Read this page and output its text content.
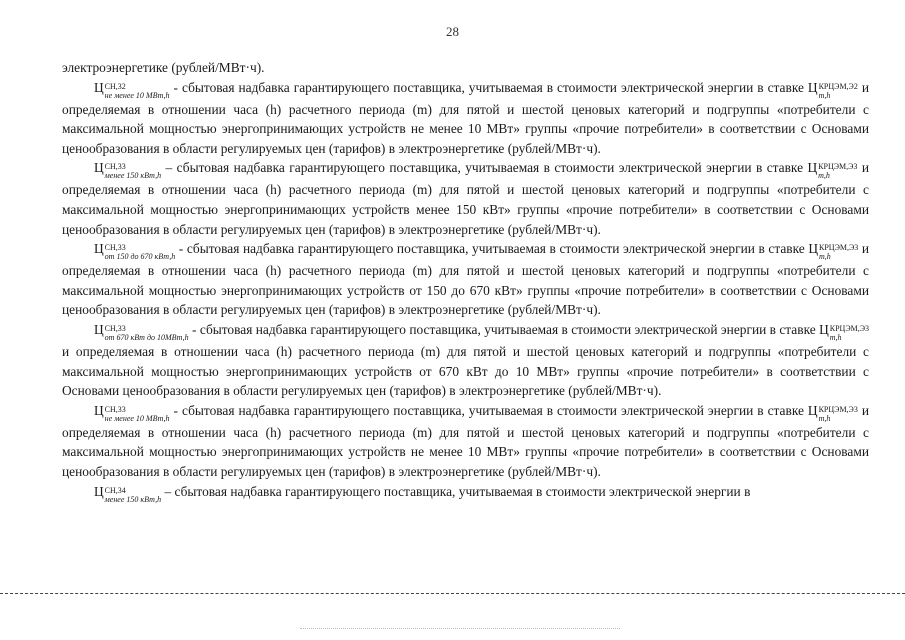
28

электроэнергетике (рублей/МВт·ч).

Ц СН,32
не менее 10 МВт,h
- сбытовая надбавка гарантирующего поставщика, учитываемая в стоимости электрической энергии в ставке Ц КРЦЭМ,Э2
m,h
и определяемая в отношении часа (h) расчетного периода (m) для пятой и шестой ценовых категорий и подгруппы «потребители с максимальной мощностью энергопринимающих устройств не менее 10 МВт» группы «прочие потребители» в соответствии с Основами ценообразования в области регулируемых цен (тарифов) в электроэнергетике (рублей/МВт·ч).

Ц СН,33
менее 150 кВт,h
– сбытовая надбавка гарантирующего поставщика, учитываемая в стоимости электрической энергии в ставке Ц КРЦЭМ,Э3
m,h
и определяемая в отношении часа (h) расчетного периода (m) для пятой и шестой ценовых категорий и подгруппы «потребители с максимальной мощностью энергопринимающих устройств менее 150 кВт» группы «прочие потребители» в соответствии с Основами ценообразования в области регулируемых цен (тарифов) в электроэнергетике (рублей/МВт·ч).

Ц СН,33
от 150 до 670 кВт,h
- сбытовая надбавка гарантирующего поставщика, учитываемая в стоимости электрической энергии в ставке Ц КРЦЭМ,Э3
m,h
и определяемая в отношении часа (h) расчетного периода (m) для пятой и шестой ценовых категорий и подгруппы «потребители с максимальной мощностью энергопринимающих устройств от 150 до 670 кВт» группы «прочие потребители» в соответствии с Основами ценообразования в области регулируемых цен (тарифов) в электроэнергетике (рублей/МВт·ч).

Ц СН,33
от 670 кВт до 10МВт,h
- сбытовая надбавка гарантирующего поставщика, учитываемая в стоимости электрической энергии в ставке Ц КРЦЭМ,Э3
m,h
и определяемая в отношении часа (h) расчетного периода (m) для пятой и шестой ценовых категорий и подгруппы «потребители с максимальной мощностью энергопринимающих устройств от 670 кВт до 10 МВт» группы «прочие потребители» в соответствии с Основами ценообразования в области регулируемых цен (тарифов) в электроэнергетике (рублей/МВт·ч).

Ц СН,33
не менее 10 МВт,h
- сбытовая надбавка гарантирующего поставщика, учитываемая в стоимости электрической энергии в ставке Ц КРЦЭМ,Э3
m,h
и определяемая в отношении часа (h) расчетного периода (m) для пятой и шестой ценовых категорий и подгруппы «потребители с максимальной мощностью энергопринимающих устройств не менее 10 МВт» группы «прочие потребители» в соответствии с Основами ценообразования в области регулируемых цен (тарифов) в электроэнергетике (рублей/МВт·ч).

Ц СН,34
менее 150 кВт,h
– сбытовая надбавка гарантирующего поставщика, учитываемая в стоимости электрической энергии в
